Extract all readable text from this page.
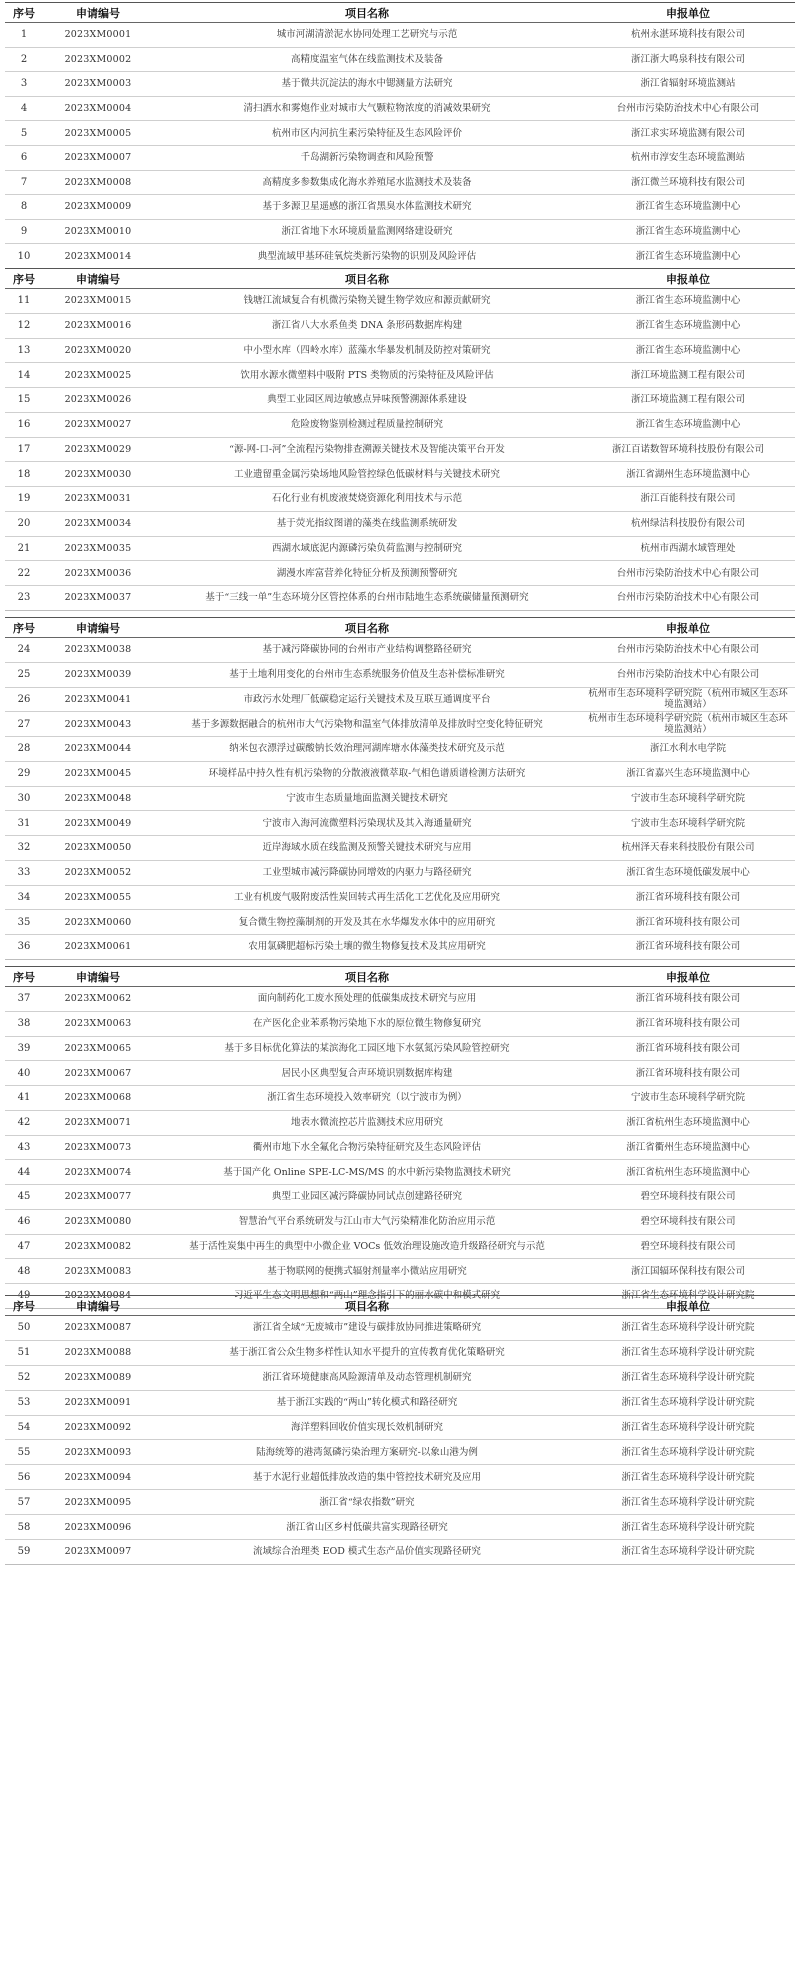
序号	申请编号	项目名称	申报单位
1	2023XM0001	城市河湖清淤泥水协同处理工艺研究与示范	杭州永湛环境科技有限公司
2	2023XM0002	高精度温室气体在线监测技术及装备	浙江浙大鸣泉科技有限公司
3	2023XM0003	基于微共沉淀法的海水中锶测量方法研究	浙江省辐射环境监测站
4	2023XM0004	清扫洒水和雾炮作业对城市大气颗粒物浓度的消减效果研究	台州市污染防治技术中心有限公司
5	2023XM0005	杭州市区内河抗生素污染特征及生态风险评价	浙江求实环境监测有限公司
6	2023XM0007	千岛湖新污染物调查和风险预警	杭州市淳安生态环境监测站
7	2023XM0008	高精度多参数集成化海水养殖尾水监测技术及装备	浙江微兰环境科技有限公司
8	2023XM0009	基于多源卫星遥感的浙江省黑臭水体监测技术研究	浙江省生态环境监测中心
9	2023XM0010	浙江省地下水环境质量监测网络建设研究	浙江省生态环境监测中心
10	2023XM0014	典型流域甲基环硅氧烷类新污染物的识别及风险评估	浙江省生态环境监测中心
序号	申请编号	项目名称	申报单位
11	2023XM0015	钱塘江流域复合有机微污染物关键生物学效应和源贡献研究	浙江省生态环境监测中心
12	2023XM0016	浙江省八大水系鱼类 DNA 条形码数据库构建	浙江省生态环境监测中心
13	2023XM0020	中小型水库（四岭水库）蓝藻水华暴发机制及防控对策研究	浙江省生态环境监测中心
14	2023XM0025	饮用水源水微塑料中吸附 PTS 类物质的污染特征及风险评估	浙江环境监测工程有限公司
15	2023XM0026	典型工业园区周边敏感点异味预警溯源体系建设	浙江环境监测工程有限公司
16	2023XM0027	危险废物鉴别检测过程质量控制研究	浙江省生态环境监测中心
17	2023XM0029	“源-网-口-河”全流程污染物排查溯源关键技术及智能决策平台开发	浙江百诺数智环境科技股份有限公司
18	2023XM0030	工业遗留重金属污染场地风险管控绿色低碳材料与关键技术研究	浙江省湖州生态环境监测中心
19	2023XM0031	石化行业有机废液焚烧资源化利用技术与示范	浙江百能科技有限公司
20	2023XM0034	基于荧光指纹图谱的藻类在线监测系统研发	杭州绿洁科技股份有限公司
21	2023XM0035	西湖水域底泥内源磷污染负荷监测与控制研究	杭州市西湖水域管理处
22	2023XM0036	湖漫水库富营养化特征分析及预测预警研究	台州市污染防治技术中心有限公司
23	2023XM0037	基于“三线一单”生态环境分区管控体系的台州市陆地生态系统碳储量预测研究	台州市污染防治技术中心有限公司
序号	申请编号	项目名称	申报单位
24	2023XM0038	基于减污降碳协同的台州市产业结构调整路径研究	台州市污染防治技术中心有限公司
25	2023XM0039	基于土地利用变化的台州市生态系统服务价值及生态补偿标准研究	台州市污染防治技术中心有限公司
26	2023XM0041	市政污水处理厂低碳稳定运行关键技术及互联互通调度平台	杭州市生态环境科学研究院（杭州市城区生态环境监测站）
27	2023XM0043	基于多源数据融合的杭州市大气污染物和温室气体排放清单及排放时空变化特征研究	杭州市生态环境科学研究院（杭州市城区生态环境监测站）
28	2023XM0044	纳米包衣漂浮过碳酸钠长效治理河湖库塘水体藻类技术研究及示范	浙江水利水电学院
29	2023XM0045	环境样品中持久性有机污染物的分散液液微萃取-气相色谱质谱检测方法研究	浙江省嘉兴生态环境监测中心
30	2023XM0048	宁波市生态质量地面监测关键技术研究	宁波市生态环境科学研究院
31	2023XM0049	宁波市入海河流微塑料污染现状及其入海通量研究	宁波市生态环境科学研究院
32	2023XM0050	近岸海域水质在线监测及预警关键技术研究与应用	杭州泽天春来科技股份有限公司
33	2023XM0052	工业型城市减污降碳协同增效的内驱力与路径研究	浙江省生态环境低碳发展中心
34	2023XM0055	工业有机废气吸附废活性炭回转式再生活化工艺优化及应用研究	浙江省环境科技有限公司
35	2023XM0060	复合微生物控藻制剂的开发及其在水华爆发水体中的应用研究	浙江省环境科技有限公司
36	2023XM0061	农用氯磷肥超标污染土壤的微生物修复技术及其应用研究	浙江省环境科技有限公司
序号	申请编号	项目名称	申报单位
37	2023XM0062	面向制药化工废水预处理的低碳集成技术研究与应用	浙江省环境科技有限公司
38	2023XM0063	在产医化企业苯系物污染地下水的原位微生物修复研究	浙江省环境科技有限公司
39	2023XM0065	基于多目标优化算法的某滨海化工园区地下水氨氮污染风险管控研究	浙江省环境科技有限公司
40	2023XM0067	居民小区典型复合声环境识别数据库构建	浙江省环境科技有限公司
41	2023XM0068	浙江省生态环境投入效率研究（以宁波市为例）	宁波市生态环境科学研究院
42	2023XM0071	地表水微流控芯片监测技术应用研究	浙江省杭州生态环境监测中心
43	2023XM0073	衢州市地下水全氟化合物污染特征研究及生态风险评估	浙江省衢州生态环境监测中心
44	2023XM0074	基于国产化 Online SPE-LC-MS/MS 的水中新污染物监测技术研究	浙江省杭州生态环境监测中心
45	2023XM0077	典型工业园区减污降碳协同试点创建路径研究	碧空环境科技有限公司
46	2023XM0080	智慧治气平台系统研发与江山市大气污染精准化防治应用示范	碧空环境科技有限公司
47	2023XM0082	基于活性炭集中再生的典型中小微企业 VOCs 低效治理设施改造升级路径研究与示范	碧空环境科技有限公司
48	2023XM0083	基于物联网的便携式辐射剂量率小微站应用研究	浙江国辐环保科技有限公司
49	2023XM0084	习近平生态文明思想和“两山”理念指引下的丽水碳中和模式研究	浙江省生态环境科学设计研究院
序号	申请编号	项目名称	申报单位
50	2023XM0087	浙江省全域“无废城市”建设与碳排放协同推进策略研究	浙江省生态环境科学设计研究院
51	2023XM0088	基于浙江省公众生物多样性认知水平提升的宣传教育优化策略研究	浙江省生态环境科学设计研究院
52	2023XM0089	浙江省环境健康高风险源清单及动态管理机制研究	浙江省生态环境科学设计研究院
53	2023XM0091	基于浙江实践的“两山”转化模式和路径研究	浙江省生态环境科学设计研究院
54	2023XM0092	海洋塑料回收价值实现长效机制研究	浙江省生态环境科学设计研究院
55	2023XM0093	陆海统筹的港湾氮磷污染治理方案研究-以象山港为例	浙江省生态环境科学设计研究院
56	2023XM0094	基于水泥行业超低排放改造的集中管控技术研究及应用	浙江省生态环境科学设计研究院
57	2023XM0095	浙江省“绿农指数”研究	浙江省生态环境科学设计研究院
58	2023XM0096	浙江省山区乡村低碳共富实现路径研究	浙江省生态环境科学设计研究院
59	2023XM0097	流域综合治理类 EOD 模式生态产品价值实现路径研究	浙江省生态环境科学设计研究院
